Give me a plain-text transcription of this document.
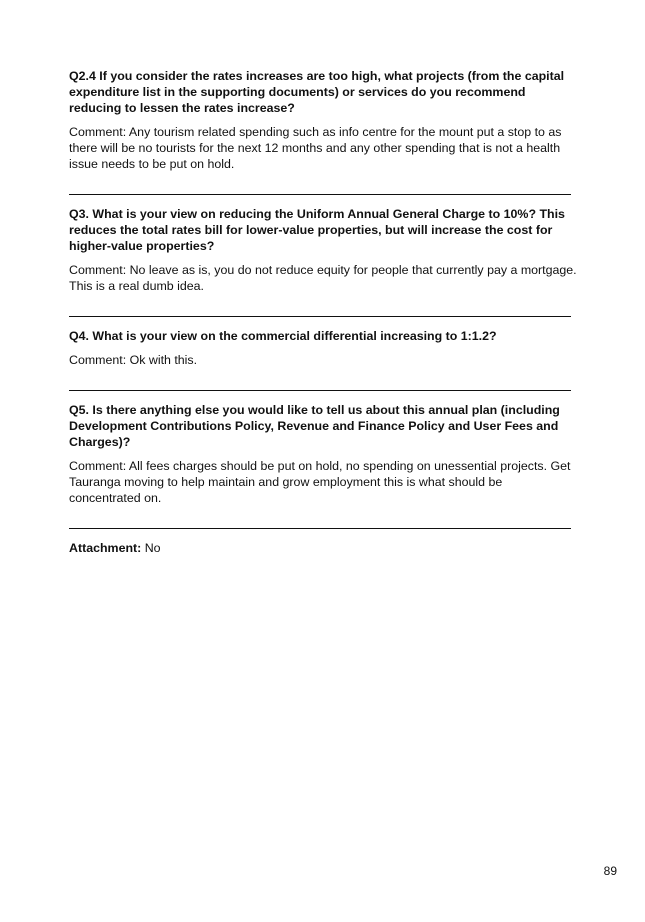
Q2.4 If you consider the rates increases are too high, what projects (from the capital expenditure list in the supporting documents) or services do you recommend reducing to lessen the rates increase?

Comment: Any tourism related spending such as info centre for the mount put a stop to as there will be no tourists for the next 12 months and any other spending that is not a health issue needs to be put on hold.

Q3. What is your view on reducing the Uniform Annual General Charge to 10%? This reduces the total rates bill for lower-value properties, but will increase the cost for higher-value properties?

Comment: No leave as is, you do not reduce equity for people that currently pay a mortgage. This is a real dumb idea.

Q4. What is your view on the commercial differential increasing to 1:1.2?

Comment: Ok with this.

Q5. Is there anything else you would like to tell us about this annual plan (including Development Contributions Policy, Revenue and Finance Policy and User Fees and Charges)?

Comment: All fees charges should be put on hold, no spending on unessential projects. Get Tauranga moving to help maintain and grow employment this is what should be concentrated on.

Attachment: No

89
